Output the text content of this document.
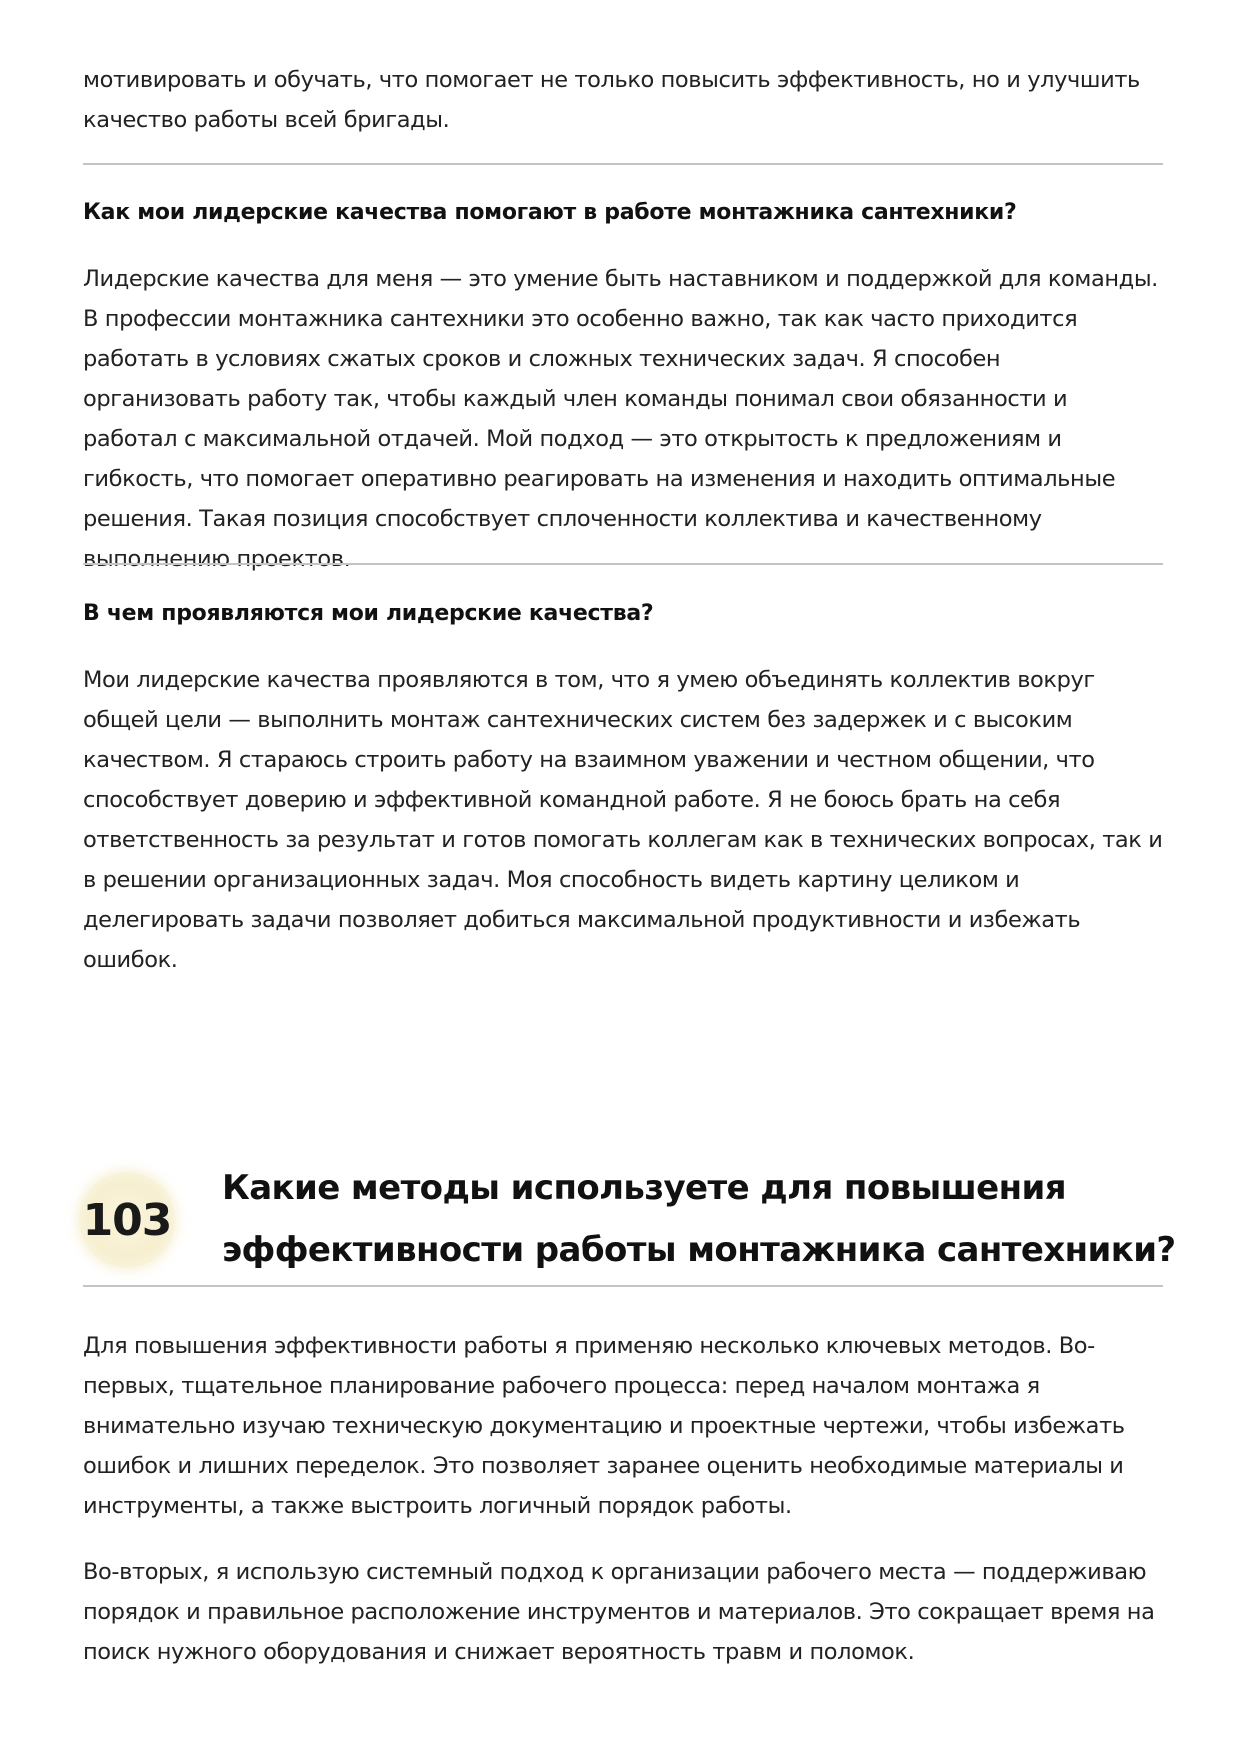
мотивировать и обучать, что помогает не только повысить эффективность, но и улучшить качество работы всей бригады.

Как мои лидерские качества помогают в работе монтажника сантехники?

Лидерские качества для меня — это умение быть наставником и поддержкой для команды. В профессии монтажника сантехники это особенно важно, так как часто приходится работать в условиях сжатых сроков и сложных технических задач. Я способен организовать работу так, чтобы каждый член команды понимал свои обязанности и работал с максимальной отдачей. Мой подход — это открытость к предложениям и гибкость, что помогает оперативно реагировать на изменения и находить оптимальные решения. Такая позиция способствует сплоченности коллектива и качественному выполнению проектов.

В чем проявляются мои лидерские качества?

Мои лидерские качества проявляются в том, что я умею объединять коллектив вокруг общей цели — выполнить монтаж сантехнических систем без задержек и с высоким качеством. Я стараюсь строить работу на взаимном уважении и честном общении, что способствует доверию и эффективной командной работе. Я не боюсь брать на себя ответственность за результат и готов помогать коллегам как в технических вопросах, так и в решении организационных задач. Моя способность видеть картину целиком и делегировать задачи позволяет добиться максимальной продуктивности и избежать ошибок.

103
Какие методы используете для повышения эффективности работы монтажника сантехники?

Для повышения эффективности работы я применяю несколько ключевых методов. Во-первых, тщательное планирование рабочего процесса: перед началом монтажа я внимательно изучаю техническую документацию и проектные чертежи, чтобы избежать ошибок и лишних переделок. Это позволяет заранее оценить необходимые материалы и инструменты, а также выстроить логичный порядок работы.

Во-вторых, я использую системный подход к организации рабочего места — поддерживаю порядок и правильное расположение инструментов и материалов. Это сокращает время на поиск нужного оборудования и снижает вероятность травм и поломок.
